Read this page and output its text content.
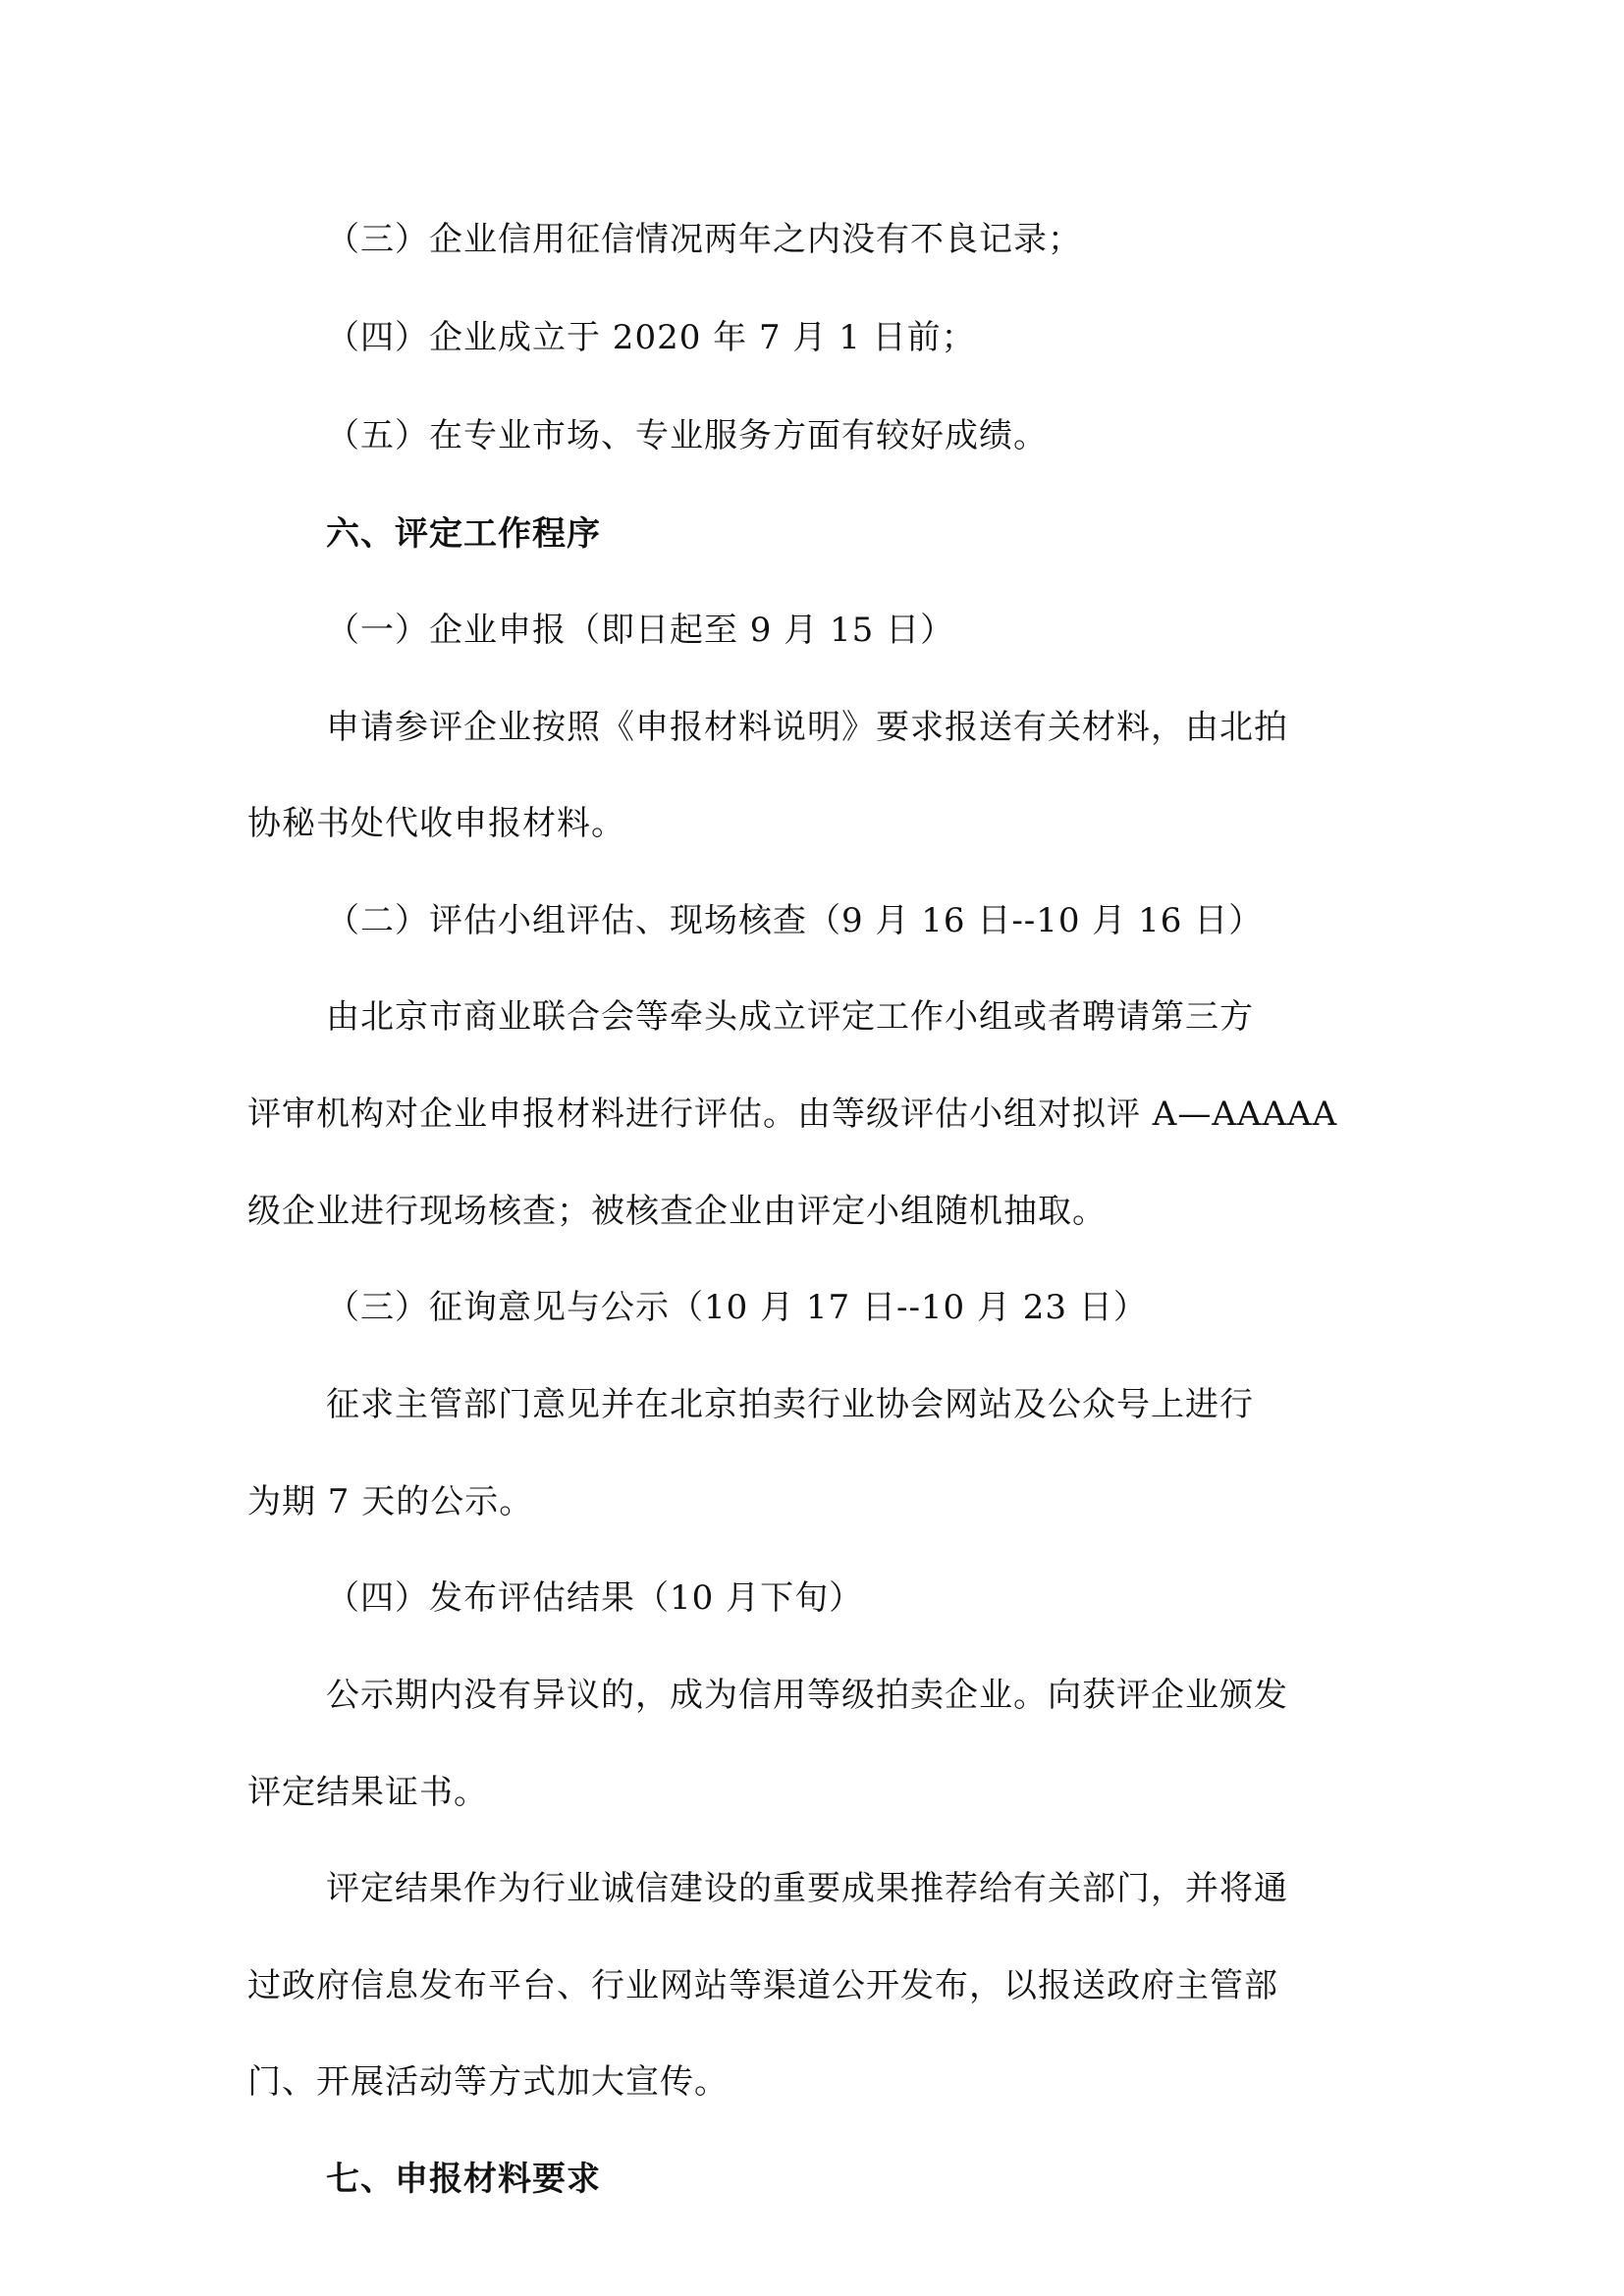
（三）企业信用征信情况两年之内没有不良记录；
（四）企业成立于 2020 年 7 月 1 日前；
（五）在专业市场、专业服务方面有较好成绩。
六、评定工作程序
（一）企业申报（即日起至 9 月 15 日）
申请参评企业按照《申报材料说明》要求报送有关材料，由北拍
协秘书处代收申报材料。
（二）评估小组评估、现场核查（9 月 16 日--10 月 16 日）
由北京市商业联合会等牵头成立评定工作小组或者聘请第三方
评审机构对企业申报材料进行评估。由等级评估小组对拟评 A—AAAAA
级企业进行现场核查；被核查企业由评定小组随机抽取。
（三）征询意见与公示（10 月 17 日--10 月 23 日）
征求主管部门意见并在北京拍卖行业协会网站及公众号上进行
为期 7 天的公示。
（四）发布评估结果（10 月下旬）
公示期内没有异议的，成为信用等级拍卖企业。向获评企业颁发
评定结果证书。
评定结果作为行业诚信建设的重要成果推荐给有关部门，并将通
过政府信息发布平台、行业网站等渠道公开发布，以报送政府主管部
门、开展活动等方式加大宣传。
七、申报材料要求
